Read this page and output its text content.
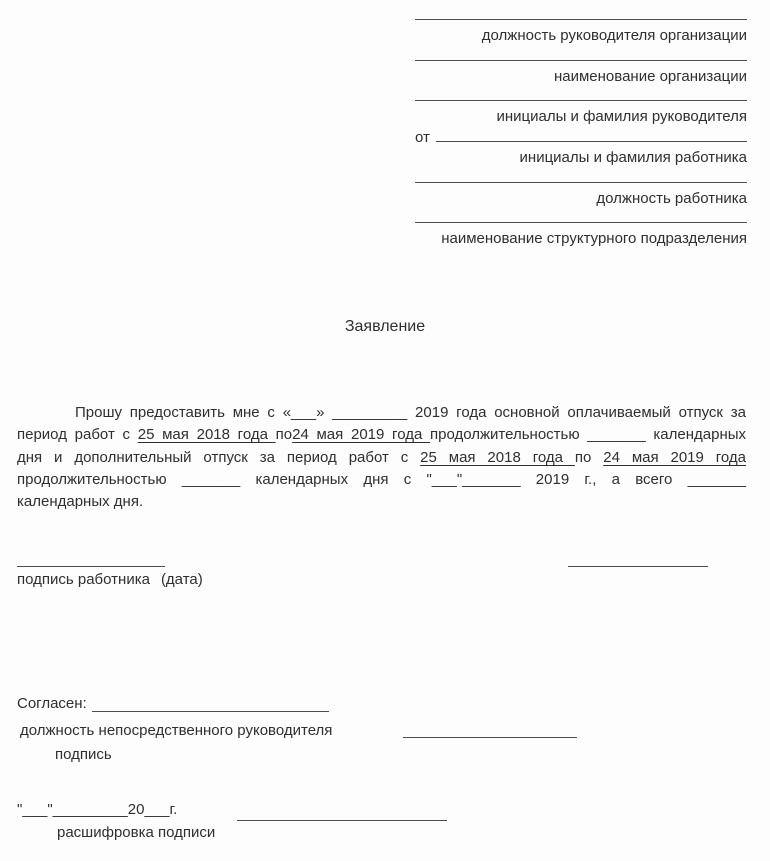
должность руководителя организации
наименование организации
инициалы и фамилия руководителя
от
инициалы и фамилия работника
должность работника
наименование структурного подразделения
Заявление
Прошу предоставить мне с «___» _________ 2019 года основной оплачиваемый отпуск за
период работ с 25 мая 2018 года по24 мая 2019 года продолжительностью _______ календарных
дня и дополнительный отпуск за период работ с 25 мая 2018 года по 24 мая 2019 года
продолжительностью _______ календарных дня с "___"_______ 2019 г., а всего _______
календарных дня.
подпись работника (дата)
Согласен:
должность непосредственного руководителя
подпись
"___"_________20___г.
расшифровка подписи
